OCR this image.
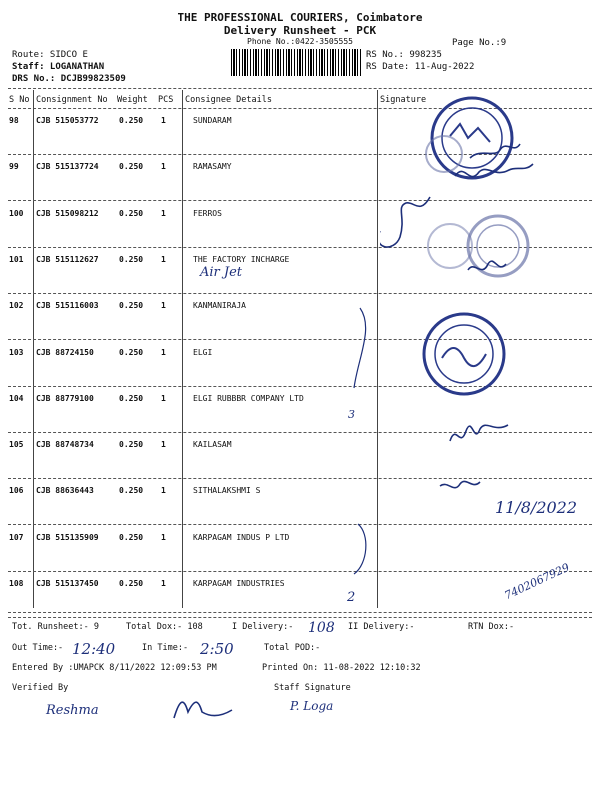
THE PROFESSIONAL COURIERS, Coimbatore
Delivery Runsheet - PCK
Phone No.:0422-3505555	Page No.:9
Route: SIDCO E
Staff: LOGANATHAN
DRS No.: DCJB99823509
RS No.: 998235
RS Date: 11-Aug-2022
S No Consignment No Weight PCS Consignee Details	Signature
98 CJB 515053772	0.250 1	SUNDARAM
99 CJB 515137724	0.250 1	RAMASAMY
100 CJB 515098212	0.250 1	FERROS
101 CJB 515112627	0.250 1	THE FACTORY INCHARGE
102 CJB 515116003	0.250 1	KANMANIRAJA
103 CJB 88724150	0.250 1	ELGI
104 CJB 88779100	0.250 1	ELGI RUBBBR COMPANY LTD
105 CJB 88748734	0.250 1	KAILASAM
106 CJB 88636443	0.250 1	SITHALAKSHMI S
107 CJB 515135909	0.250 1	KARPAGAM INDUS P LTD
108 CJB 515137450	0.250 1	KARPAGAM INDUSTRIES
Air Jet
3
2
11/8/2022
7402067929
108
12:40	2:50
Reshma	P. Loga
Tot. Runsheet:- 9	Total Dox:- 108	I Delivery:-	II Delivery:-	RTN Dox:-
Out Time:-	In Time:-	Total POD:-
Entered By :UMAPCK 8/11/2022 12:09:53 PM	Printed On: 11-08-2022 12:10:32
Verified By	Staff Signature
